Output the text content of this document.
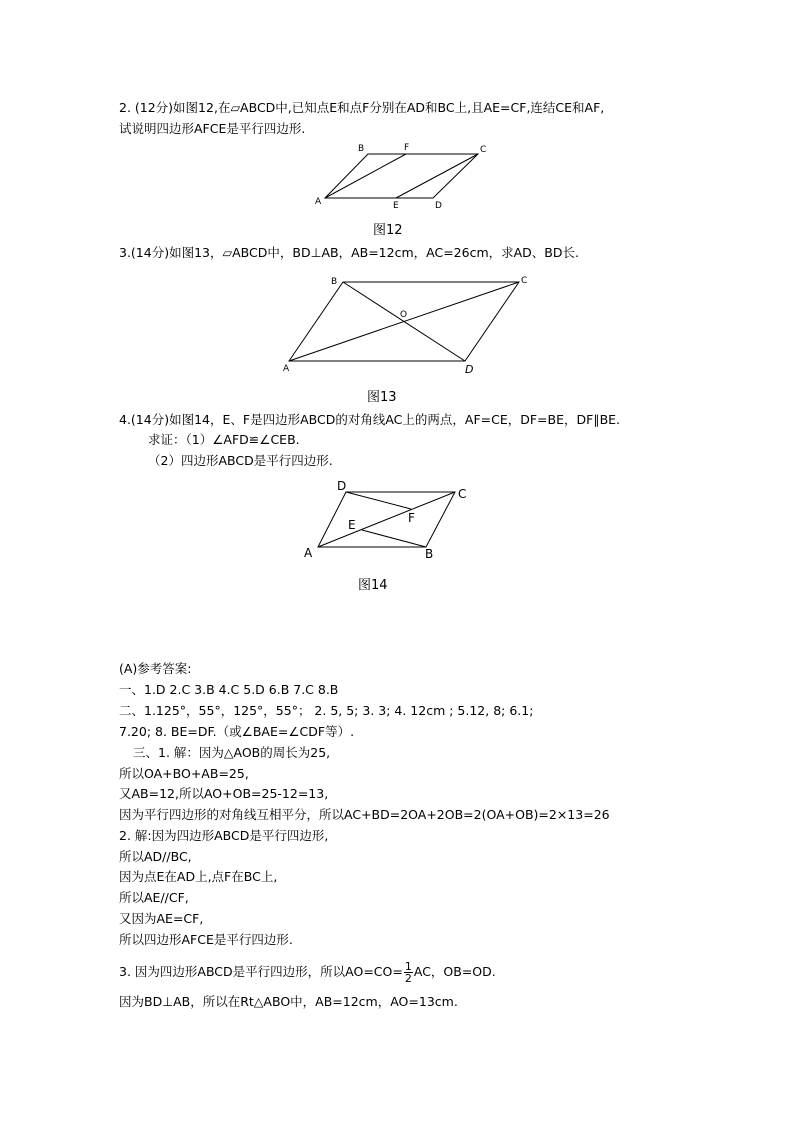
2. (12分)如图12,在▱ABCD中,已知点E和点F分别在AD和BC上,且AE=CF,连结CE和AF,
试说明四边形AFCE是平行四边形.
B	F	C
A	E	D
图12
3.(14分)如图13，▱ABCD中，BD⊥AB，AB=12cm，AC=26cm，求AD、BD长.
B	C
O
A	D
图13
4.(14分)如图14，E、F是四边形ABCD的对角线AC上的两点，AF=CE，DF=BE，DF∥BE.
求证：（1）∠AFD≌∠CEB.
（2）四边形ABCD是平行四边形.
D
C
F
E
A	B
图14
(A)参考答案:
一、1.D 2.C 3.B 4.C 5.D 6.B 7.C 8.B
二、1.125°，55°，125°，55°； 2. 5, 5; 3. 3; 4. 12cm ; 5.12, 8; 6.1;
7.20; 8. BE=DF.（或∠BAE=∠CDF等）.
三、1. 解：因为△AOB的周长为25,
所以OA+BO+AB=25,
又AB=12,所以AO+OB=25-12=13,
因为平行四边形的对角线互相平分，所以AC+BD=2OA+2OB=2(OA+OB)=2×13=26
2. 解:因为四边形ABCD是平行四边形,
所以AD//BC,
因为点E在AD上,点F在BC上,
所以AE//CF,
又因为AE=CF,
所以四边形AFCE是平行四边形.
3. 因为四边形ABCD是平行四边形，所以$AO=CO= \frac{1}{2}$ AC，OB=OD.
因为BD⊥AB，所以在Rt△ABO中，AB=12cm，AO=13cm.
